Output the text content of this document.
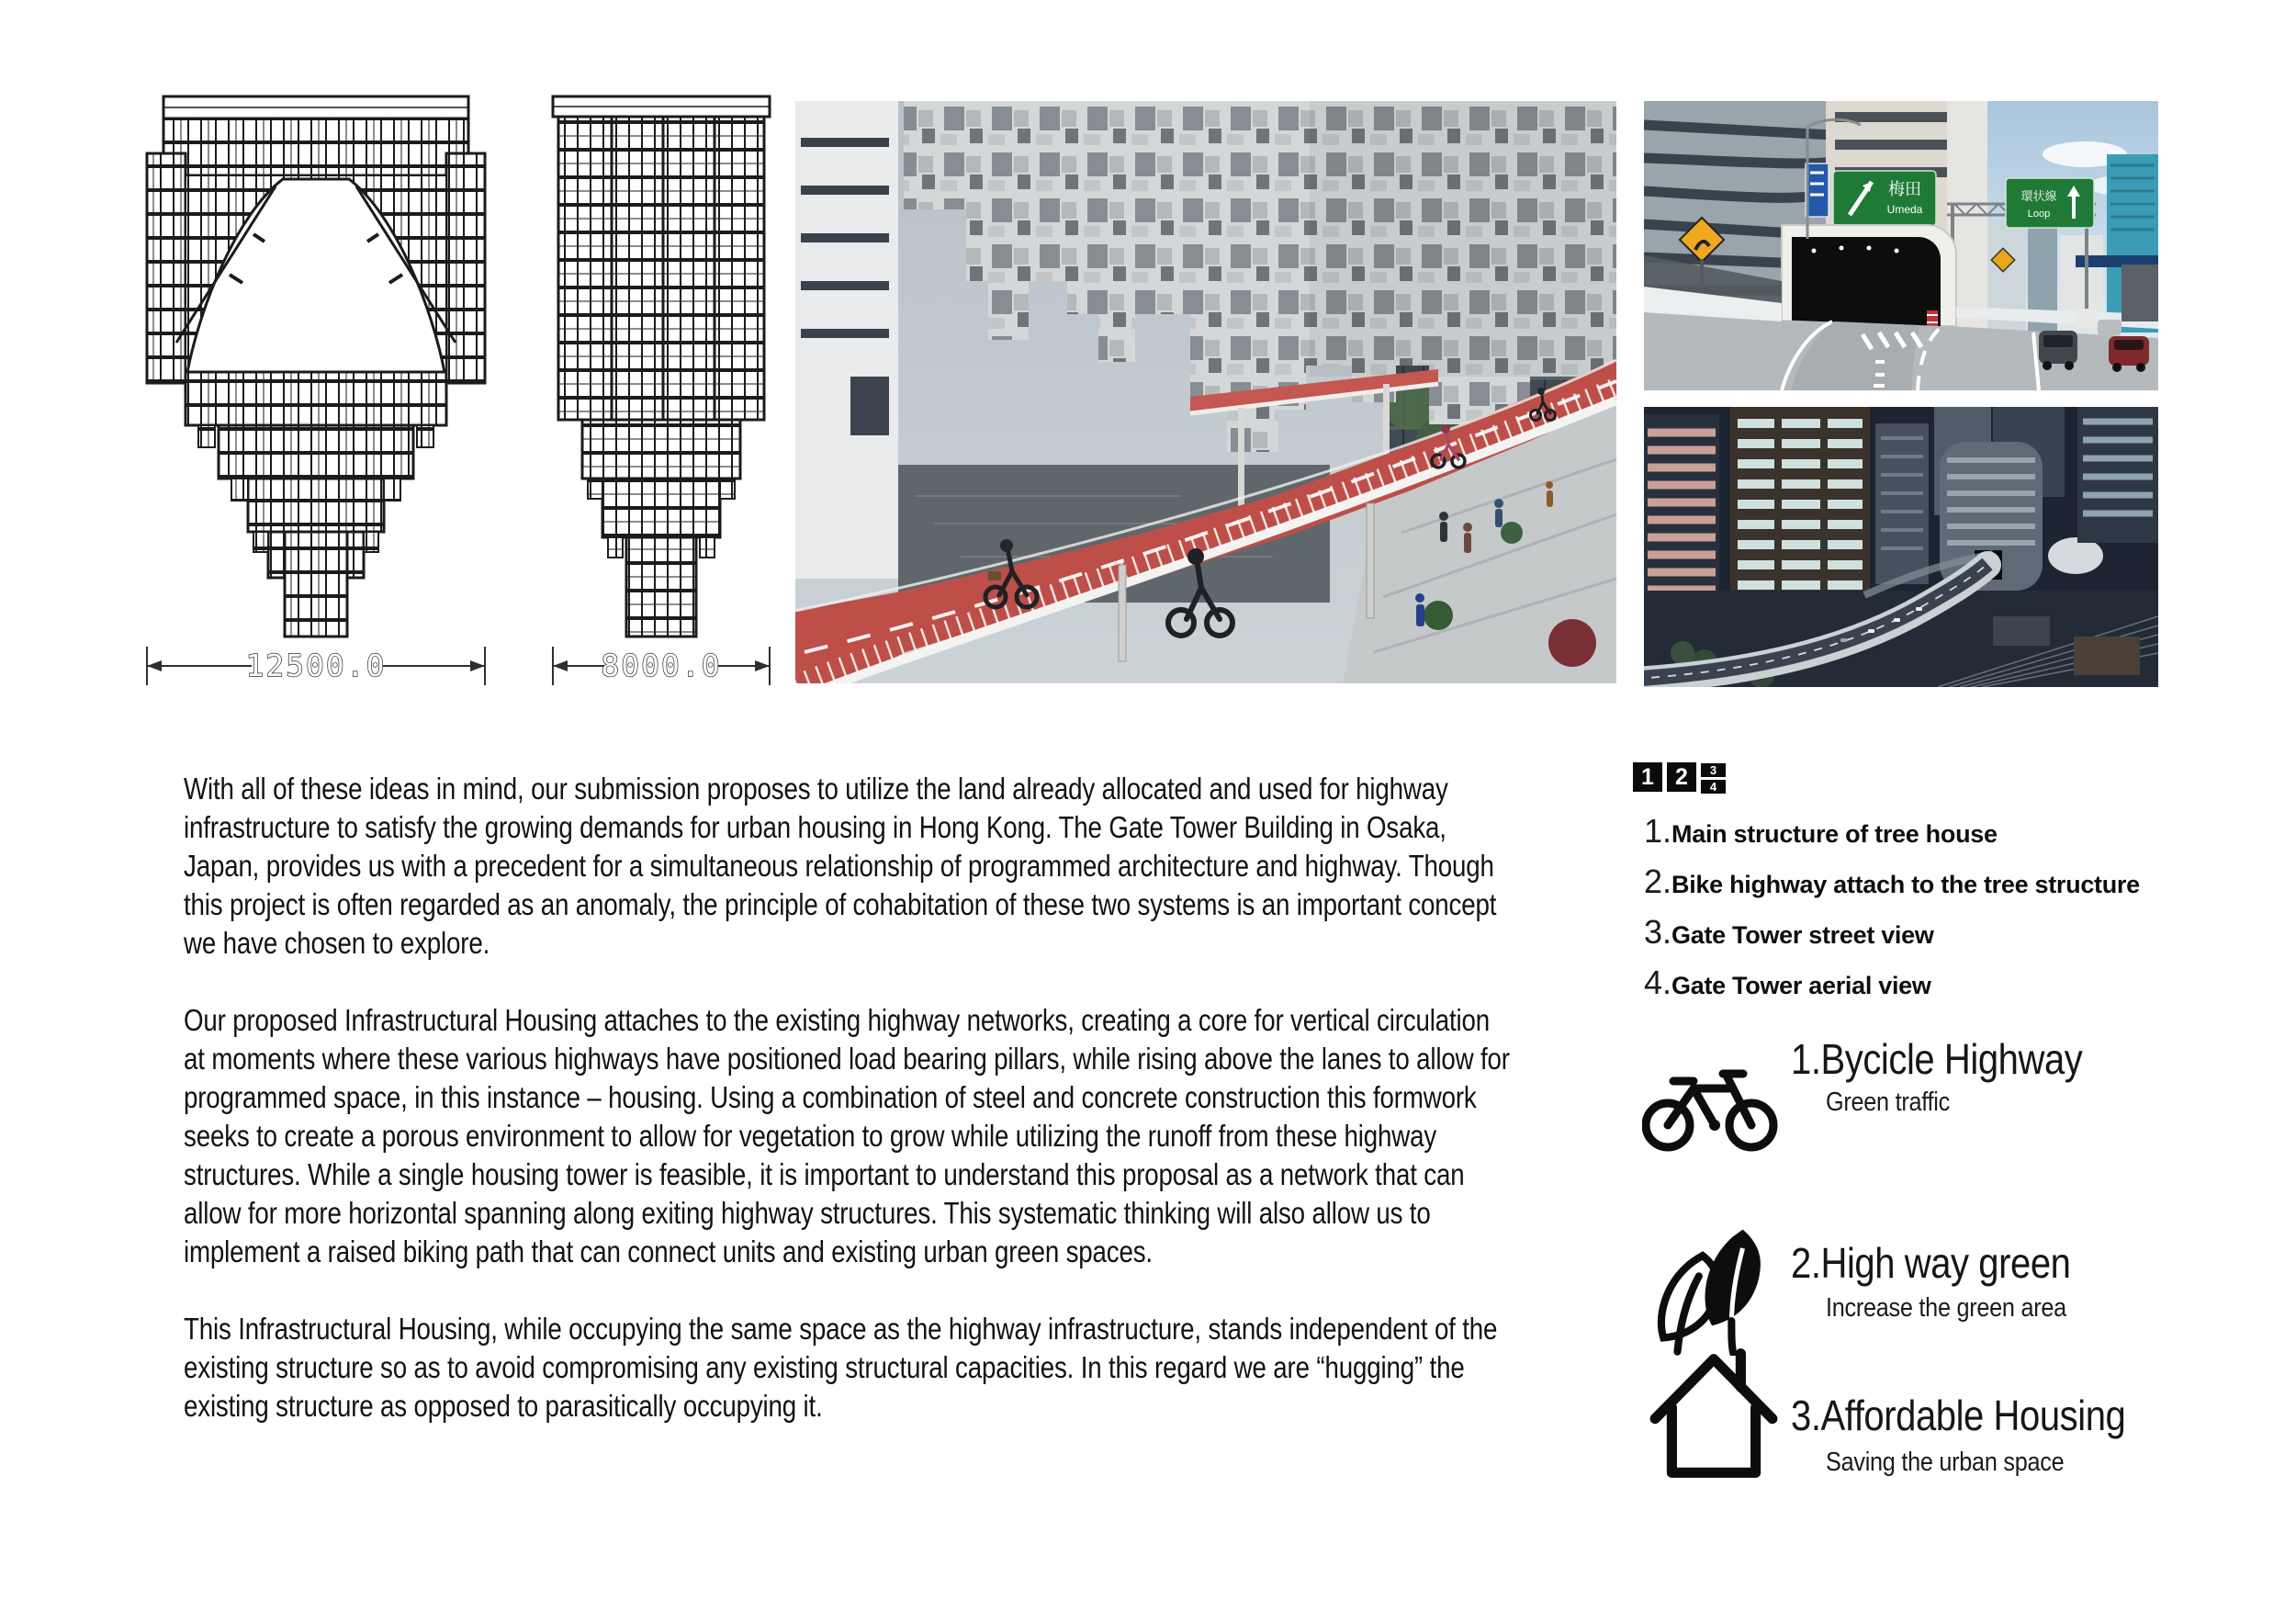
12500.0	8000.0
梅田
Umeda
環状線
Loop

With all of these ideas in mind, our submission proposes to utilize the land already allocated and used for highway infrastructure to satisfy the growing demands for urban housing in Hong Kong. The Gate Tower Building in Osaka, Japan, provides us with a precedent for a simultaneous relationship of programmed architecture and highway. Though this project is often regarded as an anomaly, the principle of cohabitation of these two systems is an important concept we have chosen to explore.

Our proposed Infrastructural Housing attaches to the existing highway networks, creating a core for vertical circulation at moments where these various highways have positioned load bearing pillars, while rising above the lanes to allow for programmed space, in this instance – housing. Using a combination of steel and concrete construction this formwork seeks to create a porous environment to allow for vegetation to grow while utilizing the runoff from these highway structures. While a single housing tower is feasible, it is important to understand this proposal as a network that can allow for more horizontal spanning along exiting highway structures. This systematic thinking will also allow us to implement a raised biking path that can connect units and existing urban green spaces.

This Infrastructural Housing, while occupying the same space as the highway infrastructure, stands independent of the existing structure so as to avoid compromising any existing structural capacities. In this regard we are “hugging” the existing structure as opposed to parasitically occupying it.

1 2	3
4
1.Main structure of tree house
2.Bike highway attach to the tree structure
3.Gate Tower street view
4.Gate Tower aerial view
1.Bycicle Highway
Green traffic
2.High way green
Increase the green area
3.Affordable Housing
Saving the urban space
